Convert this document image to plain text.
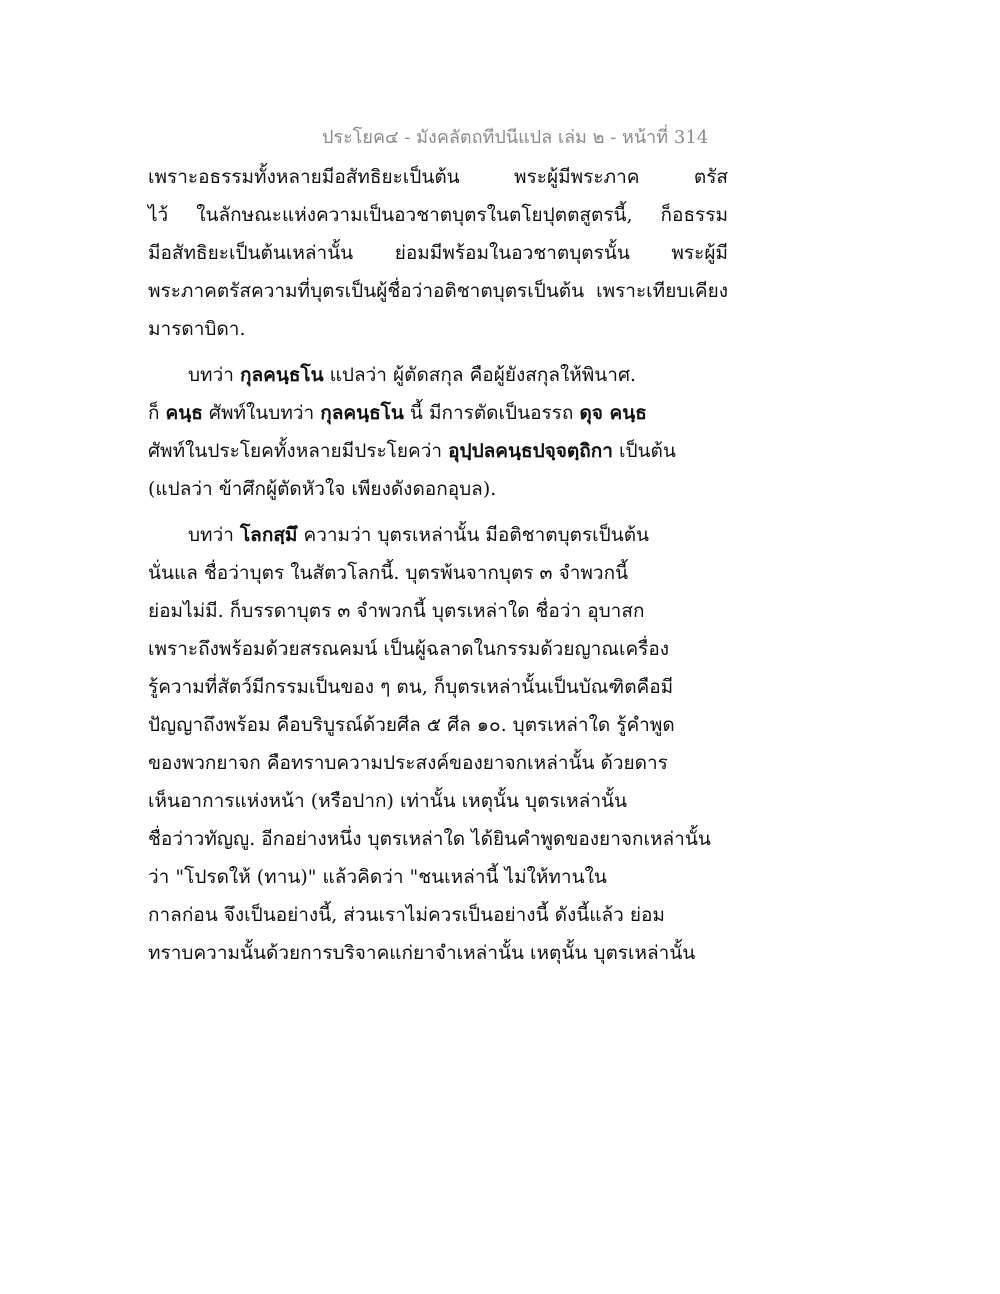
ประโยค๔ - มังคลัตถทีปนีแปล เล่ม ๒ - หน้าที่ 314
เพราะอธรรมทั้งหลายมีอสัทธิยะเป็นต้น พระผู้มีพระภาค ตรัส
ไว้ ในลักษณะแห่งความเป็นอวชาตบุตรในตโยปุตตสูตรนี้, ก็อธรรม
มีอสัทธิยะเป็นต้นเหล่านั้น ย่อมมีพร้อมในอวชาตบุตรนั้น พระผู้มี
พระภาคตรัสความที่บุตรเป็นผู้ชื่อว่าอติชาตบุตรเป็นต้น เพราะเทียบเคียง
มารดาบิดา.
บทว่า กุลคนฺธโน แปลว่า ผู้ตัดสกุล คือผู้ยังสกุลให้พินาศ.
ก็ คนฺธ ศัพท์ในบทว่า กุลคนฺธโน นี้ มีการตัดเป็นอรรถ ดุจ คนฺธ
ศัพท์ในประโยคทั้งหลายมีประโยคว่า อุปฺปลคนฺธปจฺจตฺถิกา เป็นต้น
(แปลว่า ข้าศึกผู้ตัดหัวใจ เพียงดังดอกอุบล).
บทว่า โลกสฺมึ ความว่า บุตรเหล่านั้น มีอติชาตบุตรเป็นต้น
นั่นแล ชื่อว่าบุตร ในสัตวโลกนี้. บุตรพ้นจากบุตร ๓ จำพวกนี้
ย่อมไม่มี. ก็บรรดาบุตร ๓ จำพวกนี้ บุตรเหล่าใด ชื่อว่า อุบาสก
เพราะถึงพร้อมด้วยสรณคมน์ เป็นผู้ฉลาดในกรรมด้วยญาณเครื่อง
รู้ความที่สัตว์มีกรรมเป็นของ ๆ ตน, ก็บุตรเหล่านั้นเป็นบัณฑิตคือมี
ปัญญาถึงพร้อม คือบริบูรณ์ด้วยศีล ๕ ศีล ๑๐. บุตรเหล่าใด รู้คำพูด
ของพวกยาจก คือทราบความประสงค์ของยาจกเหล่านั้น ด้วยดาร
เห็นอาการแห่งหน้า (หรือปาก) เท่านั้น เหตุนั้น บุตรเหล่านั้น
ชื่อว่าวทัญญู. อีกอย่างหนึ่ง บุตรเหล่าใด ได้ยินคำพูดของยาจกเหล่านั้น
ว่า "โปรดให้ (ทาน)" แล้วคิดว่า "ชนเหล่านี้ ไม่ให้ทานใน
กาลก่อน จึงเป็นอย่างนี้, ส่วนเราไม่ควรเป็นอย่างนี้ ดังนี้แล้ว ย่อม
ทราบความนั้นด้วยการบริจาคแก่ยาจำเหล่านั้น เหตุนั้น บุตรเหล่านั้น
